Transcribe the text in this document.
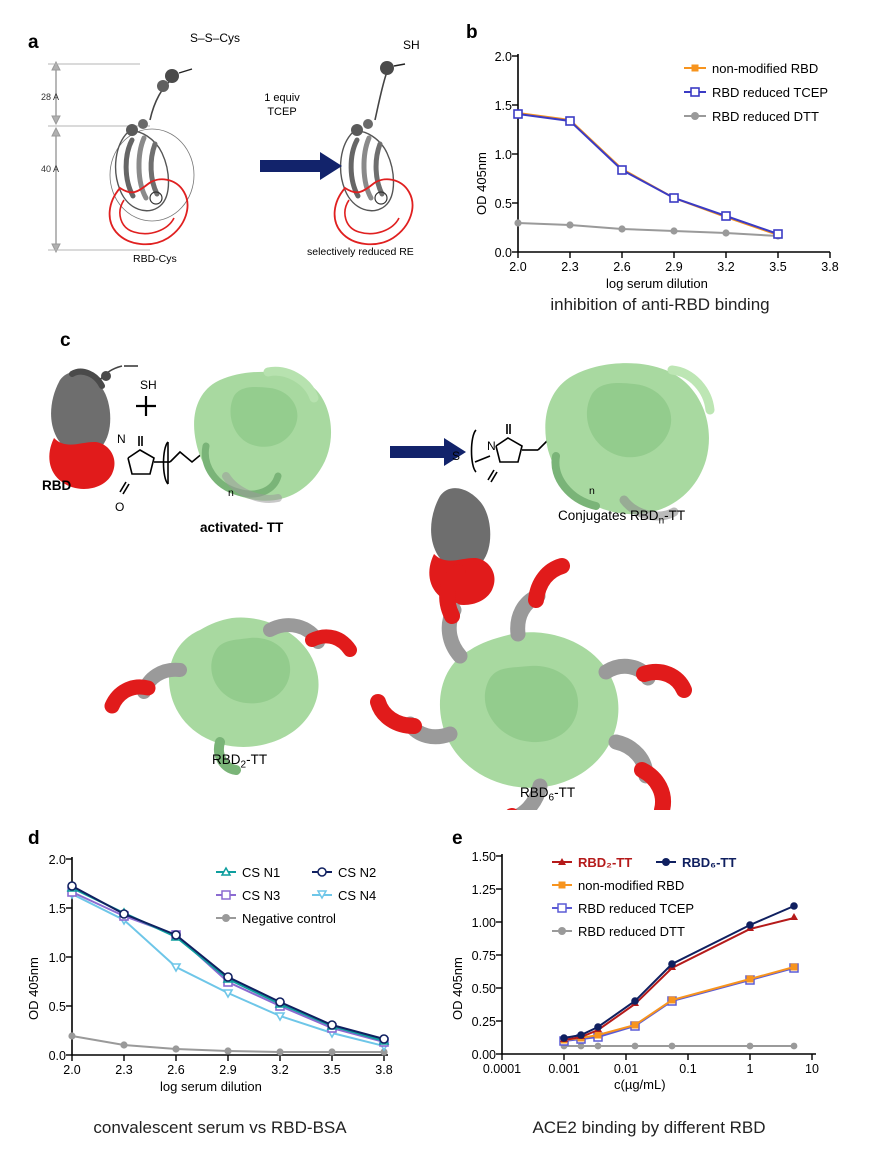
a
28 A
40 A
S–S–Cys	SH
1 equiv
TCEP
RBD-Cys
selectively reduced RE
b
OD 405nm
0.0
0.5
1.0
1.5
2.0
2.0	2.3	2.6	2.9	3.2	3.5	3.8
log serum dilution
non-modified RBD
RBD reduced TCEP
RBD reduced DTT
inhibition of anti-RBD binding
c
RBD
SH
N
O
n
activated- TT
N
S
n
Conjugates $RBD_n-TT$
$RBD_2-TT$
$RBD_6-TT$
d
OD 405nm
0.0
0.5
1.0
1.5
2.0
2.0	2.3	2.6	2.9	3.2	3.5	3.8
log serum dilution
CS N1	CS N2
CS N3	CS N4
Negative control
convalescent serum vs RBD-BSA
e
OD 405nm
0.00
0.25
0.50
0.75
1.00
1.25
1.50
0.0001	0.001	0.01	0.1	1	10
c(µg/mL)
RBD₂-TT	RBD₆-TT
non-modified RBD
RBD reduced TCEP
RBD reduced DTT
ACE2 binding by different RBD
